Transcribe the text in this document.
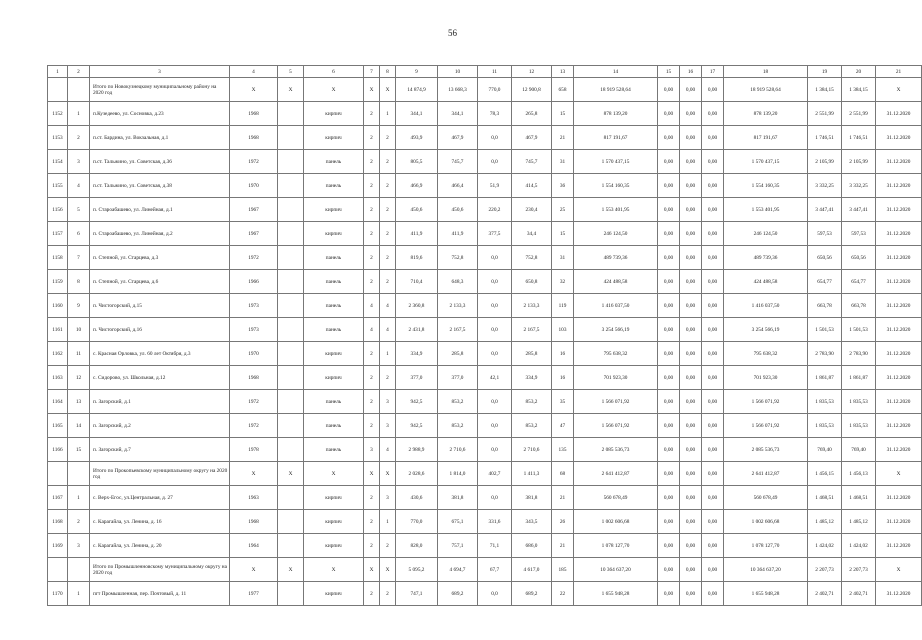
56
1	2	3	4	5	6	7	8	9	10	11	12	13	14	15	16	17	18	19	20	21
		Итого по Новокузнецкому муниципальному району на 2020 год	X	X	X	X	X	14 874,9	13 668,3	770,0	12 900,8	658	18 919 528,64	0,00	0,00	0,00	18 919 528,64	1 384,15	1 384,15	X
1152	1	п.Кузедеево, ул. Сосновка, д.23	1968		кирпич	2	1	344,1	344,1	78,3	265,8	15	878 139,20	0,00	0,00	0,00	878 139,20	2 551,99	2 551,99	31.12.2020
1153	2	п.ст. Бардина, ул. Вокзальная, д.1	1968		кирпич	2	2	493,9	467,9	0,0	467,9	21	817 191,67	0,00	0,00	0,00	817 191,67	1 746,51	1 746,51	31.12.2020
1154	3	п.ст. Тальжино, ул. Советская, д.36	1972		панель	2	2	805,5	745,7	0,0	745,7	31	1 570 437,15	0,00	0,00	0,00	1 570 437,15	2 105,99	2 105,99	31.12.2020
1155	4	п.ст. Тальжино, ул. Советская, д.38	1970		панель	2	2	466,9	466,4	51,9	414,5	36	1 554 160,35	0,00	0,00	0,00	1 554 160,35	3 332,25	3 332,25	31.12.2020
1156	5	п. Староабашево, ул. Линейная, д.1	1967		кирпич	2	2	450,6	450,6	220,2	230,4	25	1 553 401,95	0,00	0,00	0,00	1 553 401,95	3 447,41	3 447,41	31.12.2020
1157	6	п. Староабашево, ул. Линейная, д.2	1967		кирпич	2	2	411,9	411,9	377,5	34,4	15	246 124,50	0,00	0,00	0,00	246 124,50	597,53	597,53	31.12.2020
1158	7	п. Степной, ул. Старцева, д.3	1972		панель	2	2	819,6	752,8	0,0	752,8	31	489 739,36	0,00	0,00	0,00	489 739,36	650,56	650,56	31.12.2020
1159	8	п. Степной, ул. Старцева, д.6	1966		панель	2	2	710,4	648,3	0,0	650,8	32	424 488,58	0,00	0,00	0,00	424 488,58	654,77	654,77	31.12.2020
1160	9	п. Чистогорский, д.15	1973		панель	4	4	2 360,8	2 133,3	0,0	2 133,3	119	1 416 037,50	0,00	0,00	0,00	1 416 037,50	663,78	663,78	31.12.2020
1161	10	п. Чистогорский, д.16	1973		панель	4	4	2 431,8	2 167,5	0,0	2 167,5	103	3 254 566,19	0,00	0,00	0,00	3 254 566,19	1 501,53	1 501,53	31.12.2020
1162	11	с. Красная Орловка, ул. 60 лет Октября, д.3	1970		кирпич	2	1	334,9	285,8	0,0	285,8	16	795 638,32	0,00	0,00	0,00	795 638,32	2 783,90	2 783,90	31.12.2020
1163	12	с. Сидорово, ул. Школьная, д.12	1968		кирпич	2	2	377,0	377,0	42,1	334,9	16	701 923,30	0,00	0,00	0,00	701 923,30	1 861,87	1 861,87	31.12.2020
1164	13	п. Загорский, д.1	1972		панель	2	3	942,5	853,2	0,0	853,2	35	1 566 071,92	0,00	0,00	0,00	1 566 071,92	1 835,53	1 835,53	31.12.2020
1165	14	п. Загорский, д.2	1972		панель	2	3	942,5	853,2	0,0	853,2	47	1 566 071,92	0,00	0,00	0,00	1 566 071,92	1 835,53	1 835,53	31.12.2020
1166	15	п. Загорский, д.7	1978		панель	3	4	2 988,9	2 710,6	0,0	2 710,6	135	2 085 536,73	0,00	0,00	0,00	2 085 536,73	769,40	769,40	31.12.2020
		Итого по Прокопьевскому муниципальному округу на 2020 год	X	X	X	X	X	2 028,6	1 814,0	402,7	1 411,3	68	2 641 412,87	0,00	0,00	0,00	2 641 412,87	1 456,15	1 456,13	X
1167	1	с. Верх-Егос, ул.Центральная, д. 27	1963		кирпич	2	3	430,6	381,8	0,0	381,8	21	560 678,49	0,00	0,00	0,00	560 678,49	1 468,51	1 468,51	31.12.2020
1168	2	с. Карагайла, ул. Ленина, д. 16	1968		кирпич	2	1	770,0	675,1	331,6	343,5	26	1 002 606,68	0,00	0,00	0,00	1 002 606,68	1 485,12	1 485,12	31.12.2020
1169	3	с. Карагайла, ул. Ленина, д. 20	1964		кирпич	2	2	828,0	757,1	71,1	686,0	21	1 078 127,70	0,00	0,00	0,00	1 078 127,70	1 424,02	1 424,02	31.12.2020
		Итого по Промышленновскому муниципальному округу на 2020 год	X	X	X	X	X	5 095,2	4 694,7	67,7	4 617,0	185	10 364 637,20	0,00	0,00	0,00	10 364 637,20	2 207,73	2 207,73	X
1170	1	пгт Промышленная, пер. Почтовый, д. 11	1977		кирпич	2	2	747,1	689,2	0,0	689,2	22	1 655 948,28	0,00	0,00	0,00	1 655 948,28	2 402,71	2 402,71	31.12.2020
